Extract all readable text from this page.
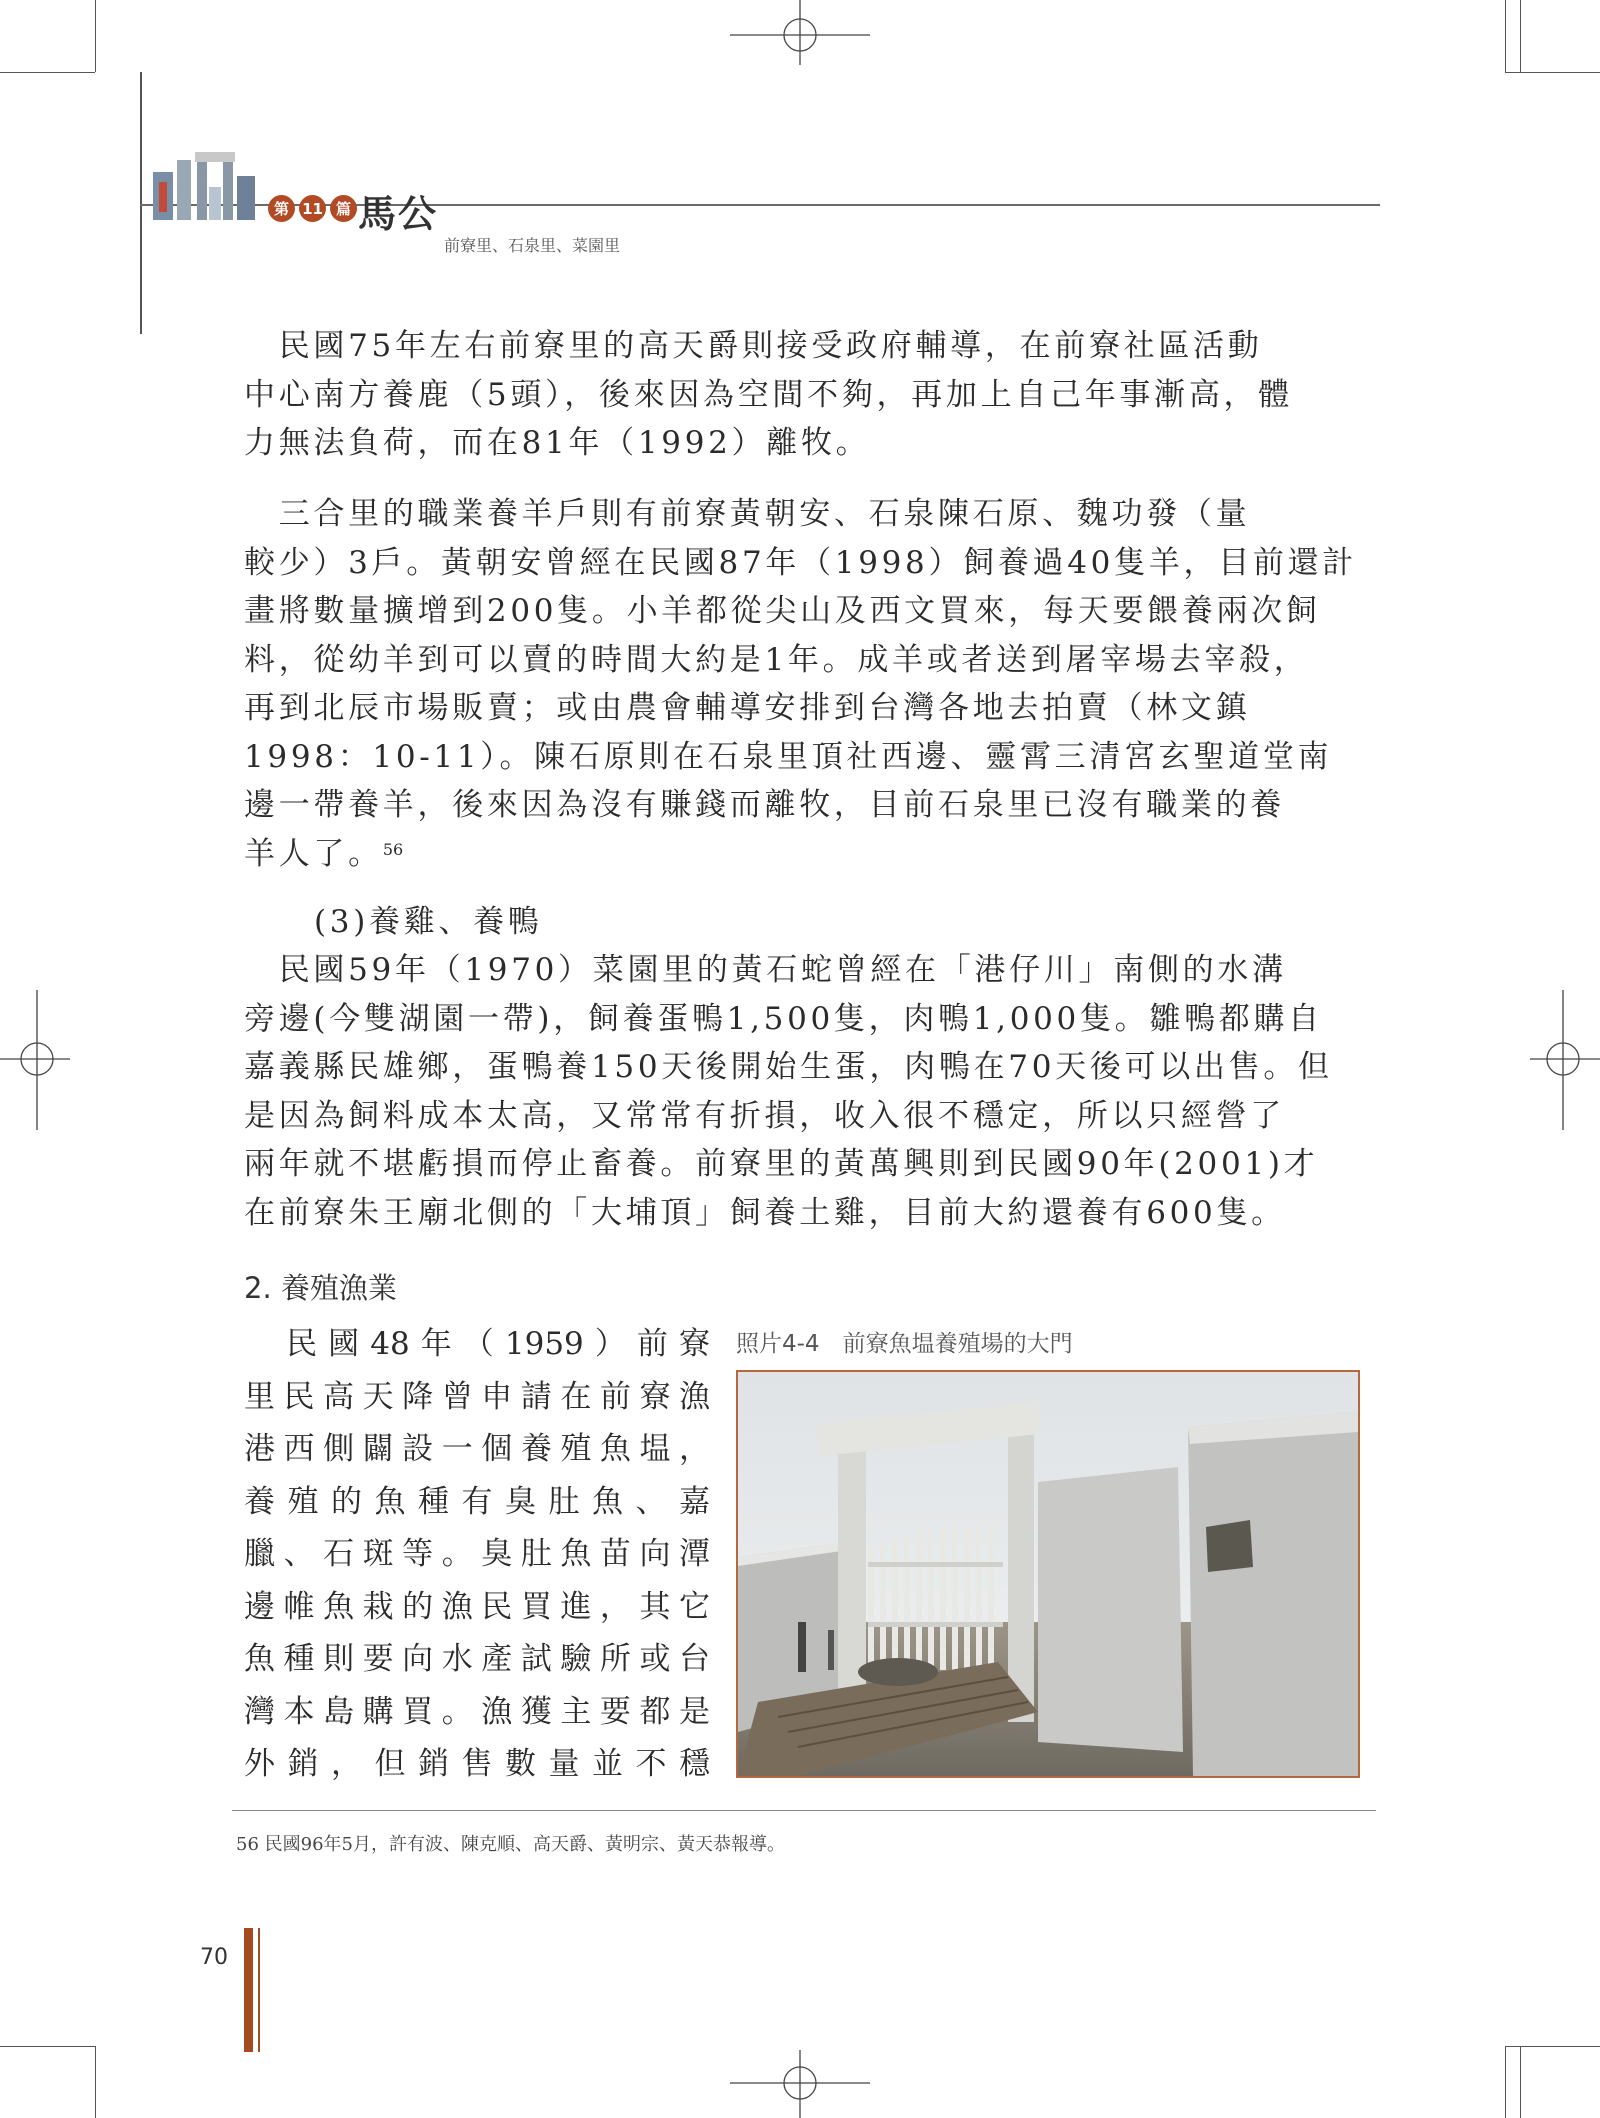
第 11 篇 馬公
前寮里、石泉里、菜園里

　民國75年左右前寮里的高天爵則接受政府輔導，在前寮社區活動

中心南方養鹿（5頭），後來因為空間不夠，再加上自己年事漸高，體

力無法負荷，而在81年（1992）離牧。

　三合里的職業養羊戶則有前寮黃朝安、石泉陳石原、魏功發（量

較少）3戶。黃朝安曾經在民國87年（1998）飼養過40隻羊，目前還計

畫將數量擴增到200隻。小羊都從尖山及西文買來，每天要餵養兩次飼

料，從幼羊到可以賣的時間大約是1年。成羊或者送到屠宰場去宰殺，

再到北辰市場販賣；或由農會輔導安排到台灣各地去拍賣（林文鎮

1998：10-11）。陳石原則在石泉里頂社西邊、靈霄三清宮玄聖道堂南

邊一帶養羊，後來因為沒有賺錢而離牧，目前石泉里已沒有職業的養

羊人了。$^{56}$

(3)養雞、養鴨

　民國59年（1970）菜園里的黃石蛇曾經在「港仔川」南側的水溝

旁邊(今雙湖園一帶)，飼養蛋鴨1,500隻，肉鴨1,000隻。雛鴨都購自

嘉義縣民雄鄉，蛋鴨養150天後開始生蛋，肉鴨在70天後可以出售。但

是因為飼料成本太高，又常常有折損，收入很不穩定，所以只經營了

兩年就不堪虧損而停止畜養。前寮里的黃萬興則到民國90年(2001)才

在前寮朱王廟北側的「大埔頂」飼養土雞，目前大約還養有600隻。

2. 養殖漁業
　民國48年（1959）前寮
里民高天降曾申請在前寮漁
港西側闢設一個養殖魚塭，
養殖的魚種有臭肚魚、嘉
臘、石斑等。臭肚魚苗向潭
邊帷魚栽的漁民買進，其它
魚種則要向水產試驗所或台
灣本島購買。漁獲主要都是
外銷，但銷售數量並不穩
照片4-4　前寮魚塭養殖場的大門
56 民國96年5月，許有波、陳克順、高天爵、黃明宗、黃天恭報導。
70
